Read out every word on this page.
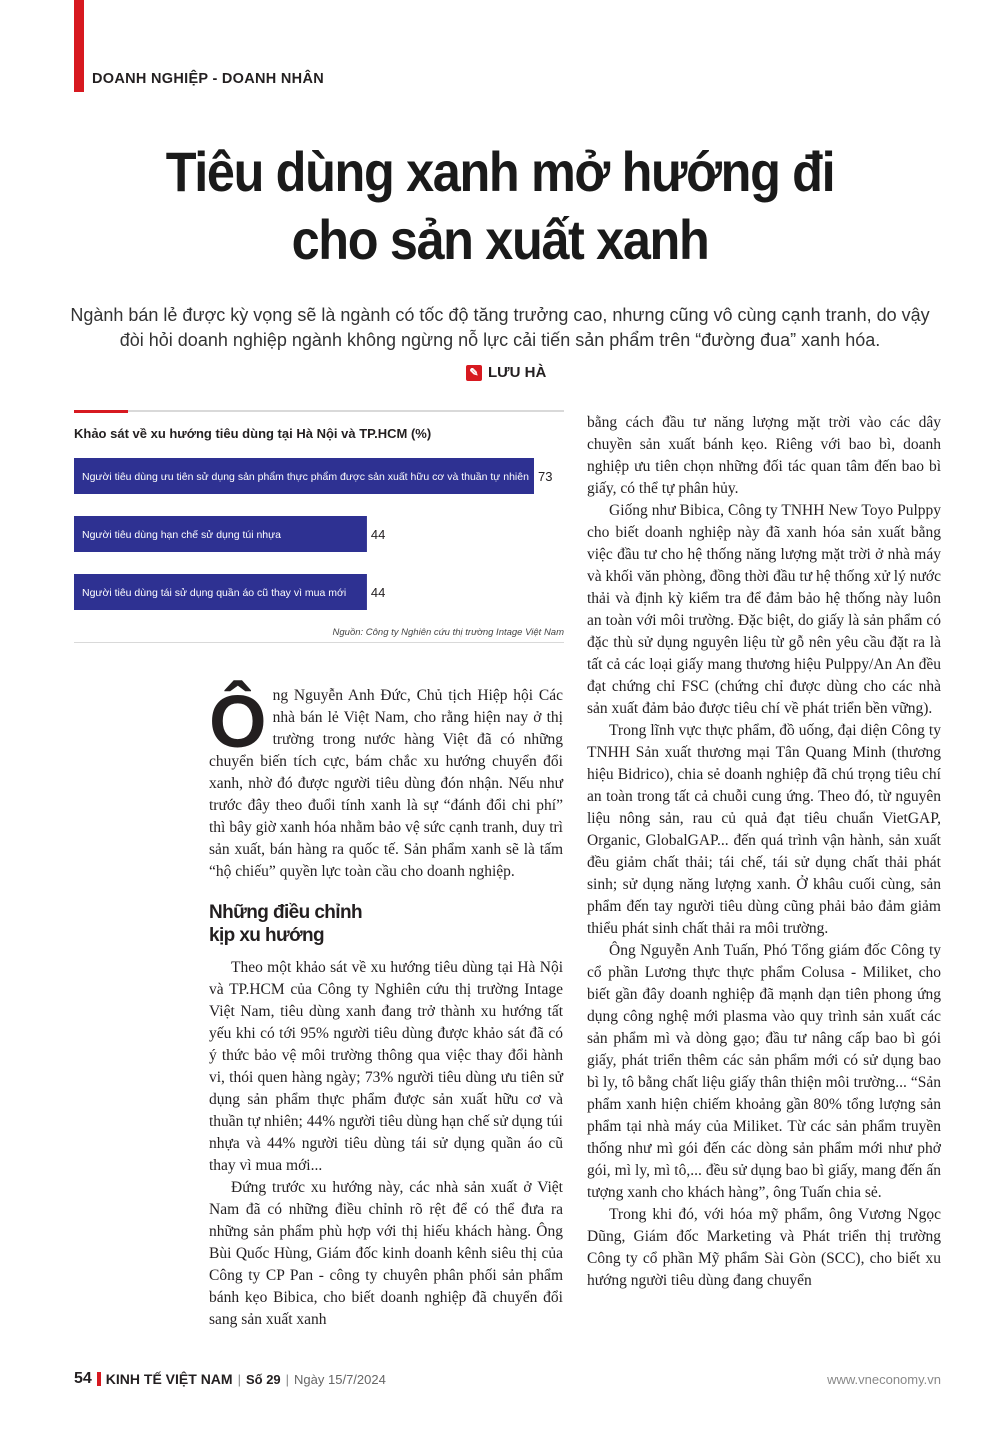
DOANH NGHIỆP - DOANH NHÂN
Tiêu dùng xanh mở hướng đi
cho sản xuất xanh
Ngành bán lẻ được kỳ vọng sẽ là ngành có tốc độ tăng trưởng cao, nhưng cũng vô cùng cạnh tranh, do vậy đòi hỏi doanh nghiệp ngành không ngừng nỗ lực cải tiến sản phẩm trên “đường đua” xanh hóa.
✎ LƯU HÀ
Khảo sát về xu hướng tiêu dùng tại Hà Nội và TP.HCM (%)
Người tiêu dùng ưu tiên sử dụng sản phẩm thực phẩm được sản xuất hữu cơ và thuần tự nhiên 73
Người tiêu dùng hạn chế sử dụng túi nhựa	44
Người tiêu dùng tái sử dụng quần áo cũ thay vì mua mới 44
Nguồn: Công ty Nghiên cứu thị trường Intage Việt Nam

Ông Nguyễn Anh Đức, Chủ tịch Hiệp hội Các nhà bán lẻ Việt Nam, cho rằng hiện nay ở thị trường trong nước hàng Việt đã có những chuyển biến tích cực, bám chắc xu hướng chuyển đổi xanh, nhờ đó được người tiêu dùng đón nhận. Nếu như trước đây theo đuổi tính xanh là sự “đánh đổi chi phí” thì bây giờ xanh hóa nhằm bảo vệ sức cạnh tranh, duy trì sản xuất, bán hàng ra quốc tế. Sản phẩm xanh sẽ là tấm “hộ chiếu” quyền lực toàn cầu cho doanh nghiệp.

Những điều chỉnh
kịp xu hướng

Theo một khảo sát về xu hướng tiêu dùng tại Hà Nội và TP.HCM của Công ty Nghiên cứu thị trường Intage Việt Nam, tiêu dùng xanh đang trở thành xu hướng tất yếu khi có tới 95% người tiêu dùng được khảo sát đã có ý thức bảo vệ môi trường thông qua việc thay đổi hành vi, thói quen hàng ngày; 73% người tiêu dùng ưu tiên sử dụng sản phẩm thực phẩm được sản xuất hữu cơ và thuần tự nhiên; 44% người tiêu dùng hạn chế sử dụng túi nhựa và 44% người tiêu dùng tái sử dụng quần áo cũ thay vì mua mới...

Đứng trước xu hướng này, các nhà sản xuất ở Việt Nam đã có những điều chỉnh rõ rệt để có thể đưa ra những sản phẩm phù hợp với thị hiếu khách hàng. Ông Bùi Quốc Hùng, Giám đốc kinh doanh kênh siêu thị của Công ty CP Pan - công ty chuyên phân phối sản phẩm bánh kẹo Bibica, cho biết doanh nghiệp đã chuyển đổi sang sản xuất xanh

bằng cách đầu tư năng lượng mặt trời vào các dây chuyền sản xuất bánh kẹo. Riêng với bao bì, doanh nghiệp ưu tiên chọn những đối tác quan tâm đến bao bì giấy, có thể tự phân hủy.

Giống như Bibica, Công ty TNHH New Toyo Pulppy cho biết doanh nghiệp này đã xanh hóa sản xuất bằng việc đầu tư cho hệ thống năng lượng mặt trời ở nhà máy và khối văn phòng, đồng thời đầu tư hệ thống xử lý nước thải và định kỳ kiểm tra để đảm bảo hệ thống này luôn an toàn với môi trường. Đặc biệt, do giấy là sản phẩm có đặc thù sử dụng nguyên liệu từ gỗ nên yêu cầu đặt ra là tất cả các loại giấy mang thương hiệu Pulppy/An An đều đạt chứng chỉ FSC (chứng chỉ được dùng cho các nhà sản xuất đảm bảo được tiêu chí về phát triển bền vững).

Trong lĩnh vực thực phẩm, đồ uống, đại diện Công ty TNHH Sản xuất thương mại Tân Quang Minh (thương hiệu Bidrico), chia sẻ doanh nghiệp đã chú trọng tiêu chí an toàn trong tất cả chuỗi cung ứng. Theo đó, từ nguyên liệu nông sản, rau củ quả đạt tiêu chuẩn VietGAP, Organic, GlobalGAP... đến quá trình vận hành, sản xuất đều giảm chất thải; tái chế, tái sử dụng chất thải phát sinh; sử dụng năng lượng xanh. Ở khâu cuối cùng, sản phẩm đến tay người tiêu dùng cũng phải bảo đảm giảm thiểu phát sinh chất thải ra môi trường.

Ông Nguyễn Anh Tuấn, Phó Tổng giám đốc Công ty cổ phần Lương thực thực phẩm Colusa - Miliket, cho biết gần đây doanh nghiệp đã mạnh dạn tiên phong ứng dụng công nghệ mới plasma vào quy trình sản xuất các sản phẩm mì và dòng gạo; đầu tư nâng cấp bao bì gói giấy, phát triển thêm các sản phẩm mới có sử dụng bao bì ly, tô bằng chất liệu giấy thân thiện môi trường... “Sản phẩm xanh hiện chiếm khoảng gần 80% tổng lượng sản phẩm tại nhà máy của Miliket. Từ các sản phẩm truyền thống như mì gói đến các dòng sản phẩm mới như phở gói, mì ly, mì tô,... đều sử dụng bao bì giấy, mang đến ấn tượng xanh cho khách hàng”, ông Tuấn chia sẻ.

Trong khi đó, với hóa mỹ phẩm, ông Vương Ngọc Dũng, Giám đốc Marketing và Phát triển thị trường Công ty cổ phần Mỹ phẩm Sài Gòn (SCC), cho biết xu hướng người tiêu dùng đang chuyển

54 KINH TẾ VIỆT NAM | Số 29 | Ngày 15/7/2024	www.vneconomy.vn
